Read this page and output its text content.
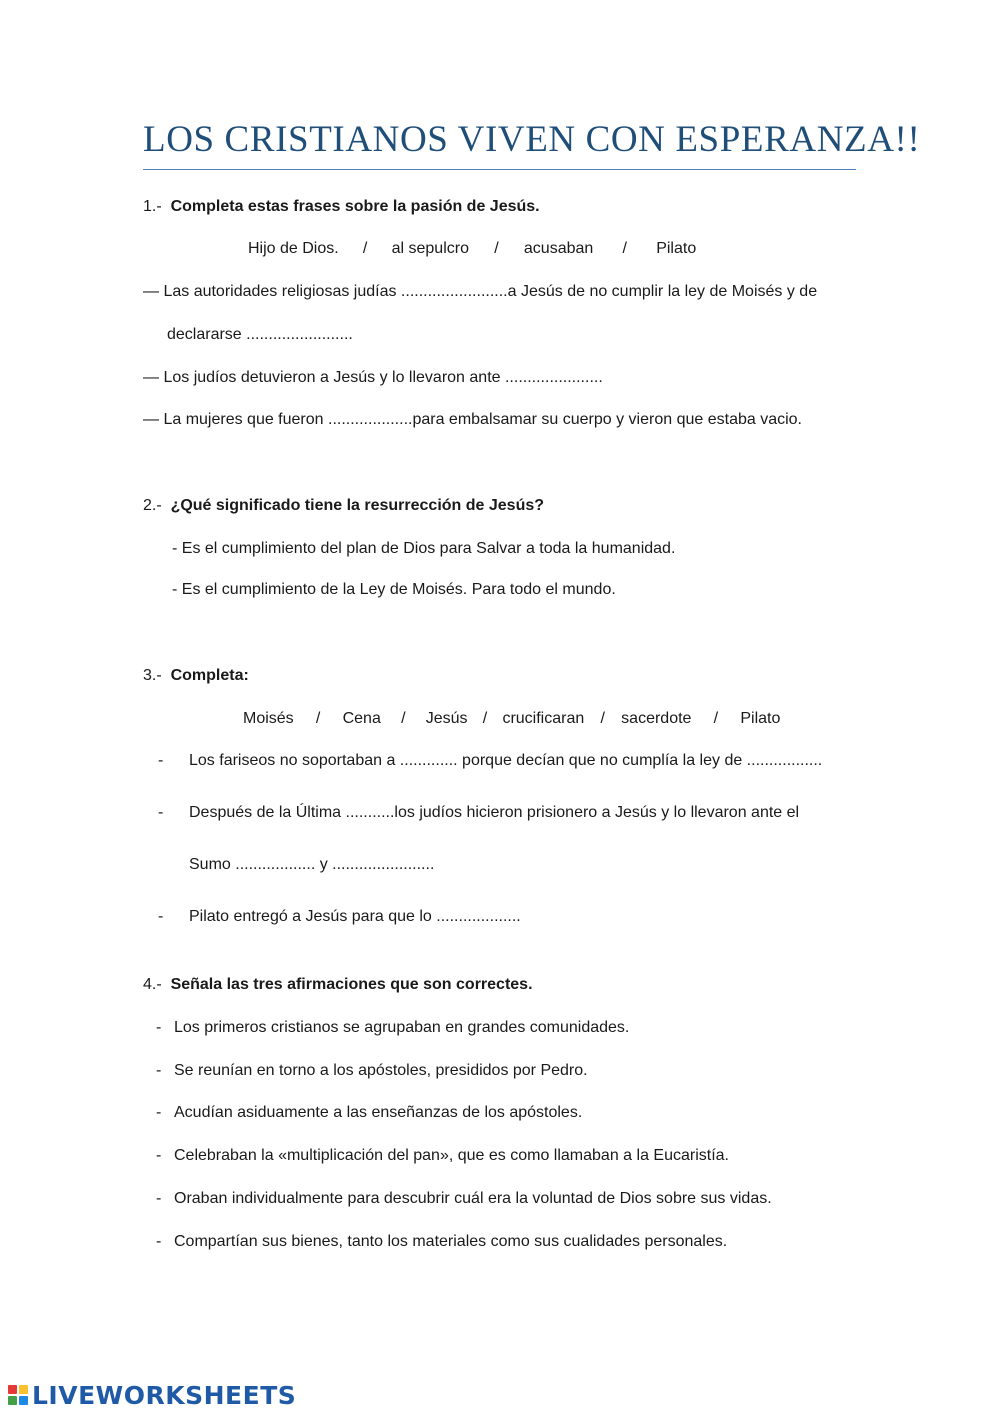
LOS CRISTIANOS VIVEN CON ESPERANZA!!
1.- Completa estas frases sobre la pasión de Jesús.
Hijo de Dios. / al sepulcro / acusaban / Pilato
— Las autoridades religiosas judías ........................a Jesús de no cumplir la ley de Moisés y de
declararse ........................
— Los judíos detuvieron a Jesús y lo llevaron ante ......................
— La mujeres que fueron ...................para embalsamar su cuerpo y vieron que estaba vacio.
2.- ¿Qué significado tiene la resurrección de Jesús?
- Es el cumplimiento del plan de Dios para Salvar a toda la humanidad.
- Es el cumplimiento de la Ley de Moisés. Para todo el mundo.
3.- Completa:
Moisés / Cena / Jesús / crucificaran / sacerdote / Pilato
- Los fariseos no soportaban a ............. porque decían que no cumplía la ley de .................
- Después de la Última ...........los judíos hicieron prisionero a Jesús y lo llevaron ante el
Sumo .................. y .......................
- Pilato entregó a Jesús para que lo ...................
4.- Señala las tres afirmaciones que son correctes.
- Los primeros cristianos se agrupaban en grandes comunidades.
- Se reunían en torno a los apóstoles, presididos por Pedro.
- Acudían asiduamente a las enseñanzas de los apóstoles.
- Celebraban la «multiplicación del pan», que es como llamaban a la Eucaristía.
- Oraban individualmente para descubrir cuál era la voluntad de Dios sobre sus vidas.
- Compartían sus bienes, tanto los materiales como sus cualidades personales.
LIVEWORKSHEETS
